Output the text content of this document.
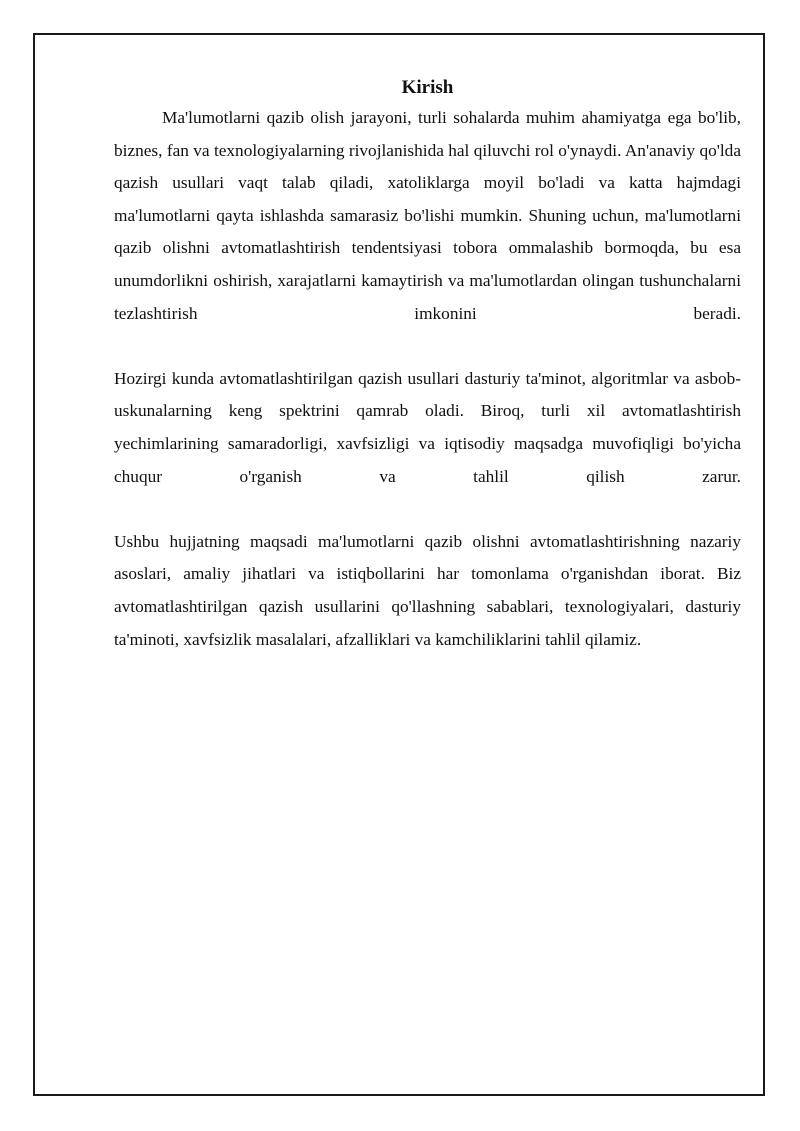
Kirish

Ma'lumotlarni qazib olish jarayoni, turli sohalarda muhim ahamiyatga ega bo'lib, biznes, fan va texnologiyalarning rivojlanishida hal qiluvchi rol o'ynaydi. An'anaviy qo'lda qazish usullari vaqt talab qiladi, xatoliklarga moyil bo'ladi va katta hajmdagi ma'lumotlarni qayta ishlashda samarasiz bo'lishi mumkin. Shuning uchun, ma'lumotlarni qazib olishni avtomatlashtirish tendentsiyasi tobora ommalashib bormoqda, bu esa unumdorlikni oshirish, xarajatlarni kamaytirish va ma'lumotlardan olingan tushunchalarni tezlashtirish imkonini beradi.

Hozirgi kunda avtomatlashtirilgan qazish usullari dasturiy ta'minot, algoritmlar va asbob-uskunalarning keng spektrini qamrab oladi. Biroq, turli xil avtomatlashtirish yechimlarining samaradorligi, xavfsizligi va iqtisodiy maqsadga muvofiqligi bo'yicha chuqur o'rganish va tahlil qilish zarur.

Ushbu hujjatning maqsadi ma'lumotlarni qazib olishni avtomatlashtirishning nazariy asoslari, amaliy jihatlari va istiqbollarini har tomonlama o'rganishdan iborat. Biz avtomatlashtirilgan qazish usullarini qo'llashning sabablari, texnologiyalari, dasturiy ta'minoti, xavfsizlik masalalari, afzalliklari va kamchiliklarini tahlil qilamiz.
